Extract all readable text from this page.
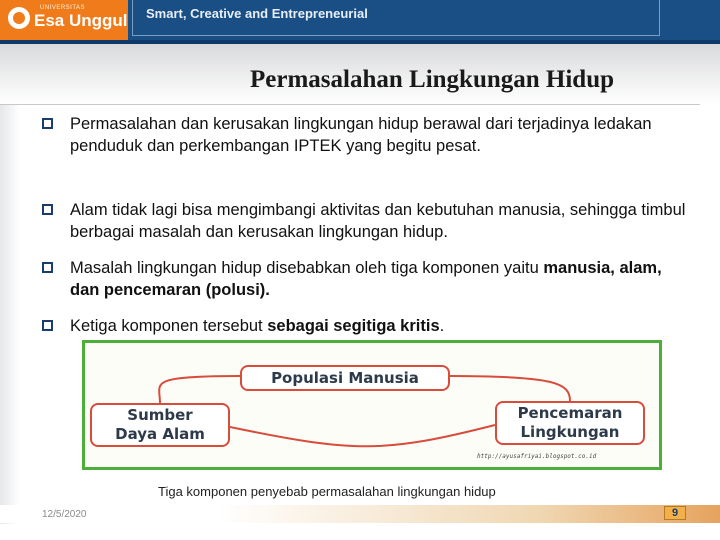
UNIVERSITAS
Esa Unggul Smart, Creative and Entrepreneurial
Permasalahan Lingkungan Hidup
Permasalahan dan kerusakan lingkungan hidup berawal dari terjadinya ledakan penduduk dan perkembangan IPTEK yang begitu pesat.
Alam tidak lagi bisa mengimbangi aktivitas dan kebutuhan manusia, sehingga timbul berbagai masalah dan kerusakan lingkungan hidup.
Masalah lingkungan hidup disebabkan oleh tiga komponen yaitu manusia, alam, dan pencemaran (polusi).
Ketiga komponen tersebut sebagai segitiga kritis.
Populasi Manusia
Sumber
Daya Alam
Pencemaran
Lingkungan
http://ayusafriyai.blogspot.co.id
Tiga komponen penyebab permasalahan lingkungan hidup
12/5/2020	9
